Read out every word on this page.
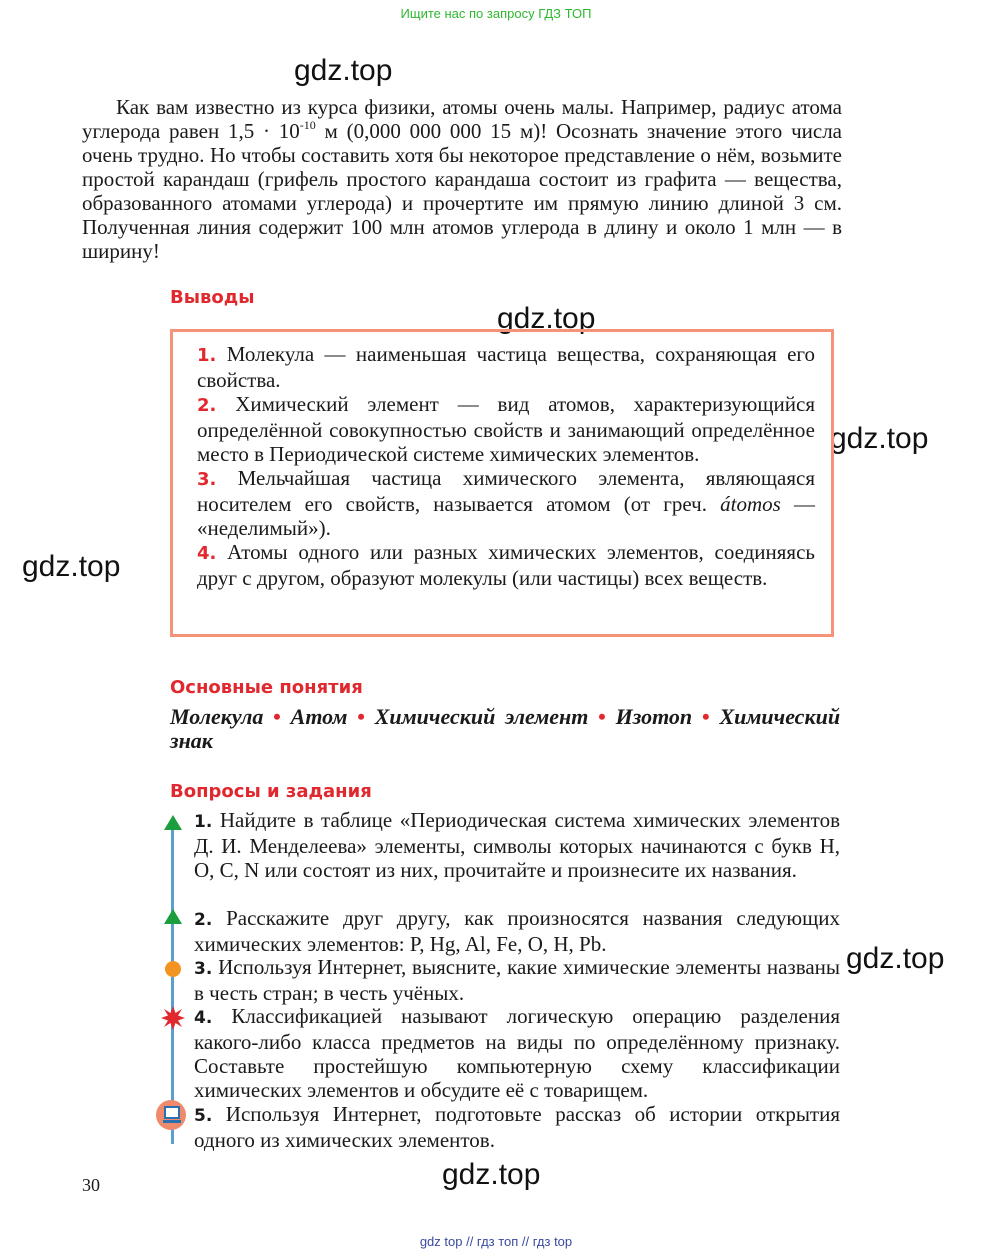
Ищите нас по запросу ГДЗ ТОП
gdz.top
gdz.top
gdz.top
gdz.top
gdz.top
gdz.top
Как вам известно из курса физики, атомы очень малы. Например, радиус атома углерода равен $1,5 \cdot 10^{-10}$ м (0,000 000 000 15 м)! Осознать значение этого числа очень трудно. Но чтобы составить хотя бы некоторое представление о нём, возьмите простой карандаш (грифель простого карандаша состоит из графита — вещества, образованного атомами углерода) и прочертите им прямую линию длиной 3 см. Полученная линия содержит 100 млн атомов углерода в длину и около 1 млн — в ширину!
Выводы
1. Молекула — наименьшая частица вещества, сохраняющая его свойства.
2. Химический элемент — вид атомов, характеризующийся определённой совокупностью свойств и занимающий определённое место в Периодической системе химических элементов.
3. Мельчайшая частица химического элемента, являющаяся носителем его свойств, называется атомом (от греч. átomos — «неделимый»).
4. Атомы одного или разных химических элементов, соединяясь друг с другом, образуют молекулы (или частицы) всех веществ.
Основные понятия
Молекула • Атом • Химический элемент • Изотоп • Химический знак
Вопросы и задания
1. Найдите в таблице «Периодическая система химических элементов Д. И. Менделеева» элементы, символы которых начинаются с букв H, O, C, N или состоят из них, прочитайте и произнесите их названия.
2. Расскажите друг другу, как произносятся названия следующих химических элементов: P, Hg, Al, Fe, O, H, Pb.
3. Используя Интернет, выясните, какие химические элементы названы в честь стран; в честь учёных.
4. Классификацией называют логическую операцию разделения какого-либо класса предметов на виды по определённому признаку. Составьте простейшую компьютерную схему классификации химических элементов и обсудите её с товарищем.
5. Используя Интернет, подготовьте рассказ об истории открытия одного из химических элементов.
30
gdz top // гдз топ // гдз top
